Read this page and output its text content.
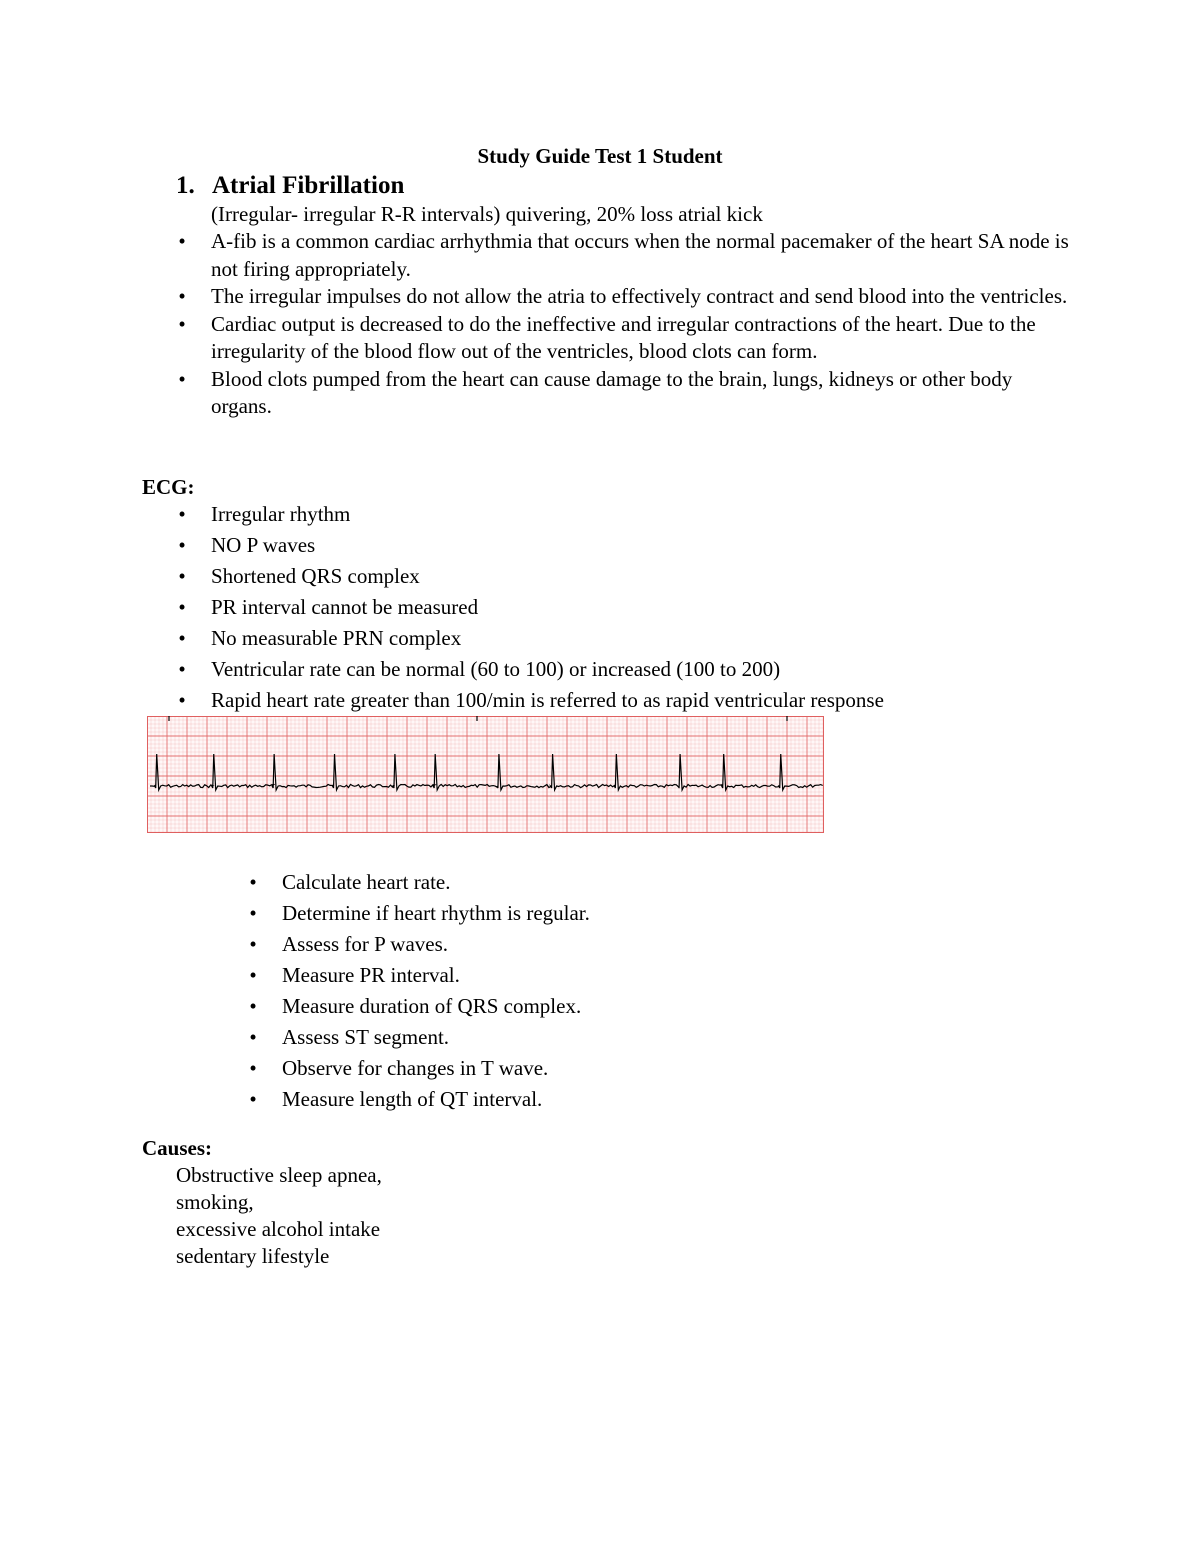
Study Guide Test 1 Student
1. Atrial Fibrillation
(Irregular- irregular R-R intervals) quivering, 20% loss atrial kick
• A-fib is a common cardiac arrhythmia that occurs when the normal pacemaker of the heart SA node is not firing appropriately.
• The irregular impulses do not allow the atria to effectively contract and send blood into the ventricles.
• Cardiac output is decreased to do the ineffective and irregular contractions of the heart. Due to the irregularity of the blood flow out of the ventricles, blood clots can form.
• Blood clots pumped from the heart can cause damage to the brain, lungs, kidneys or other body organs.
ECG:
• Irregular rhythm
• NO P waves
• Shortened QRS complex
• PR interval cannot be measured
• No measurable PRN complex
• Ventricular rate can be normal (60 to 100) or increased (100 to 200)
• Rapid heart rate greater than 100/min is referred to as rapid ventricular response
• Calculate heart rate.
• Determine if heart rhythm is regular.
• Assess for P waves.
• Measure PR interval.
• Measure duration of QRS complex.
• Assess ST segment.
• Observe for changes in T wave.
• Measure length of QT interval.
Causes:
Obstructive sleep apnea,
smoking,
excessive alcohol intake
sedentary lifestyle
